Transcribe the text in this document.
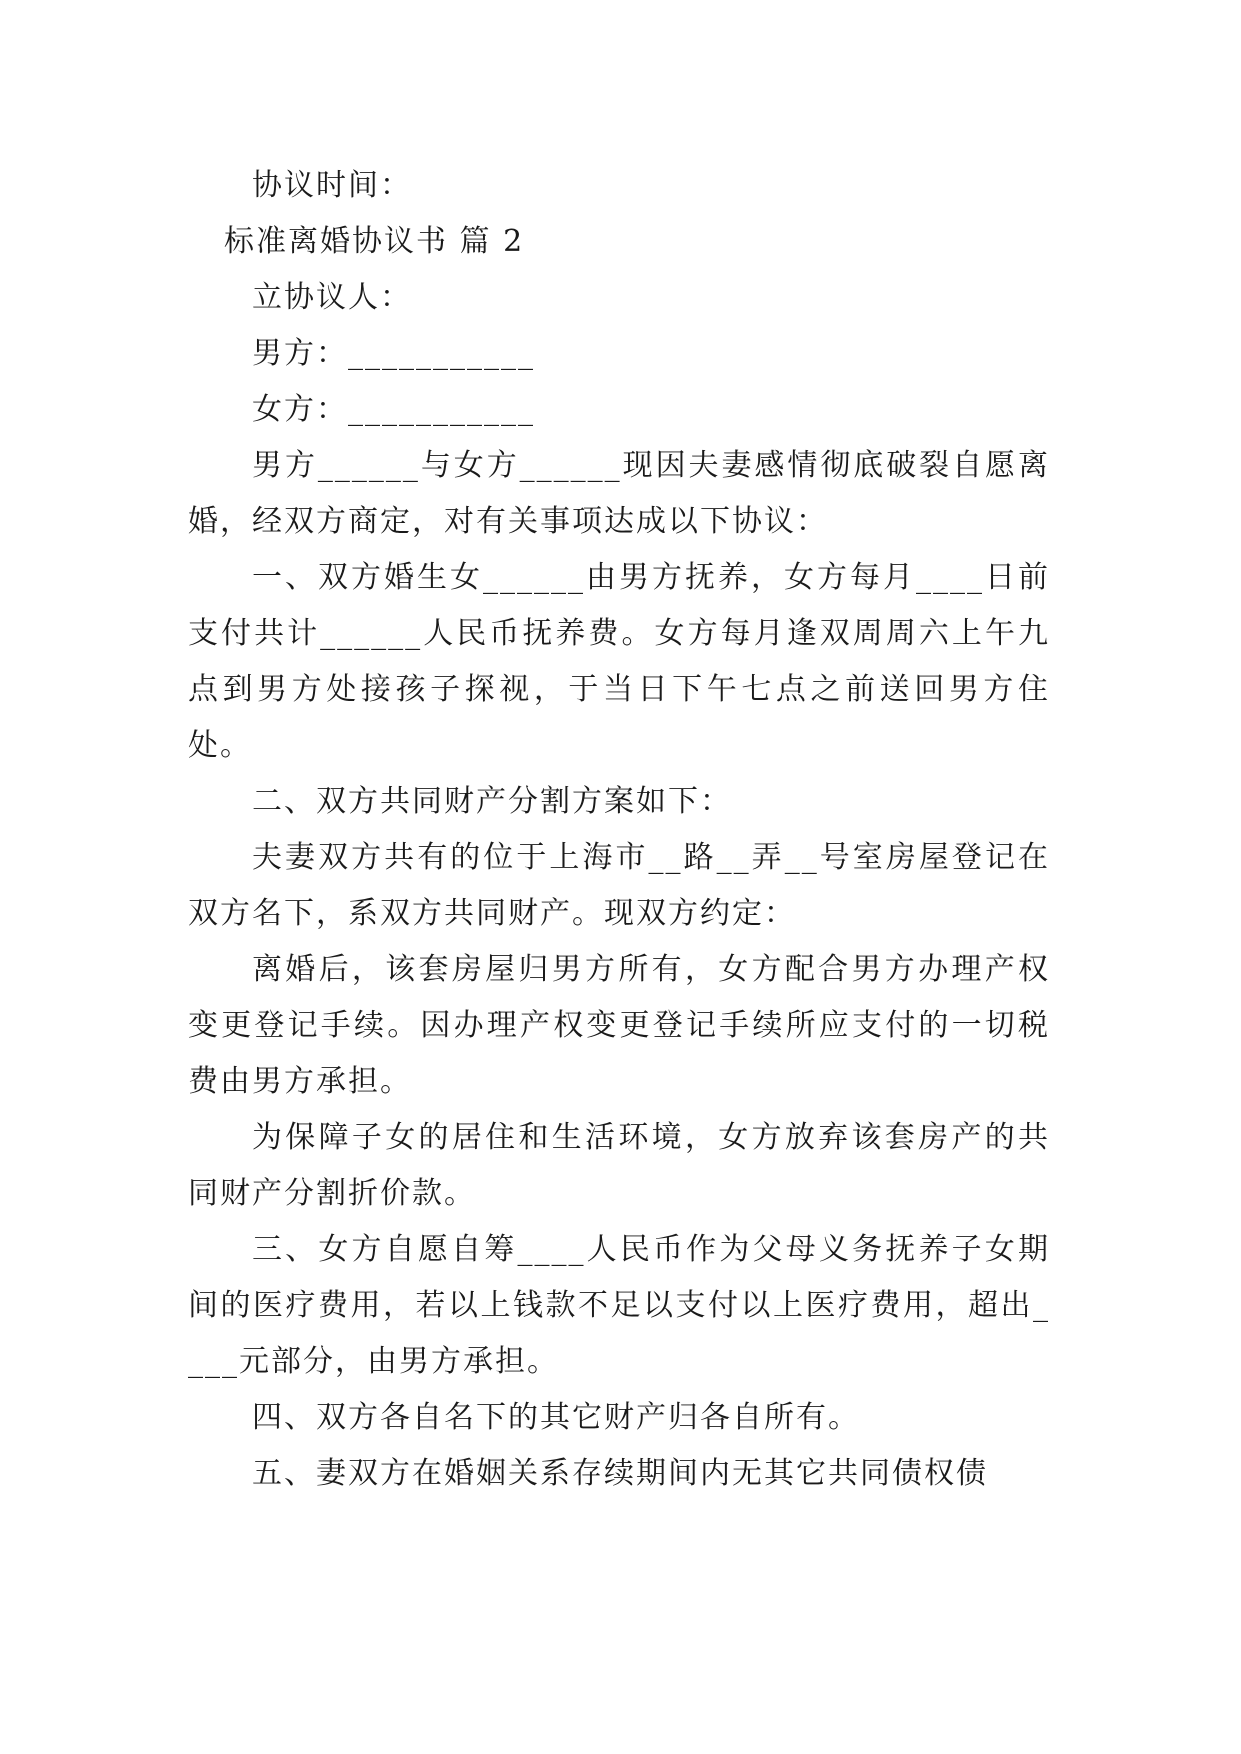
协议时间：

标准离婚协议书 篇 2

立协议人：

男方：___________

女方：___________

男方______与女方______现因夫妻感情彻底破裂自愿离婚，经双方商定，对有关事项达成以下协议：

一、双方婚生女______由男方抚养，女方每月____日前支付共计______人民币抚养费。女方每月逢双周周六上午九点到男方处接孩子探视，于当日下午七点之前送回男方住处。

二、双方共同财产分割方案如下：

夫妻双方共有的位于上海市__路__弄__号室房屋登记在双方名下，系双方共同财产。现双方约定：

离婚后，该套房屋归男方所有，女方配合男方办理产权变更登记手续。因办理产权变更登记手续所应支付的一切税费由男方承担。

为保障子女的居住和生活环境，女方放弃该套房产的共同财产分割折价款。

三、女方自愿自筹____人民币作为父母义务抚养子女期间的医疗费用，若以上钱款不足以支付以上医疗费用，超出____元部分，由男方承担。

四、双方各自名下的其它财产归各自所有。

五、妻双方在婚姻关系存续期间内无其它共同债权债
